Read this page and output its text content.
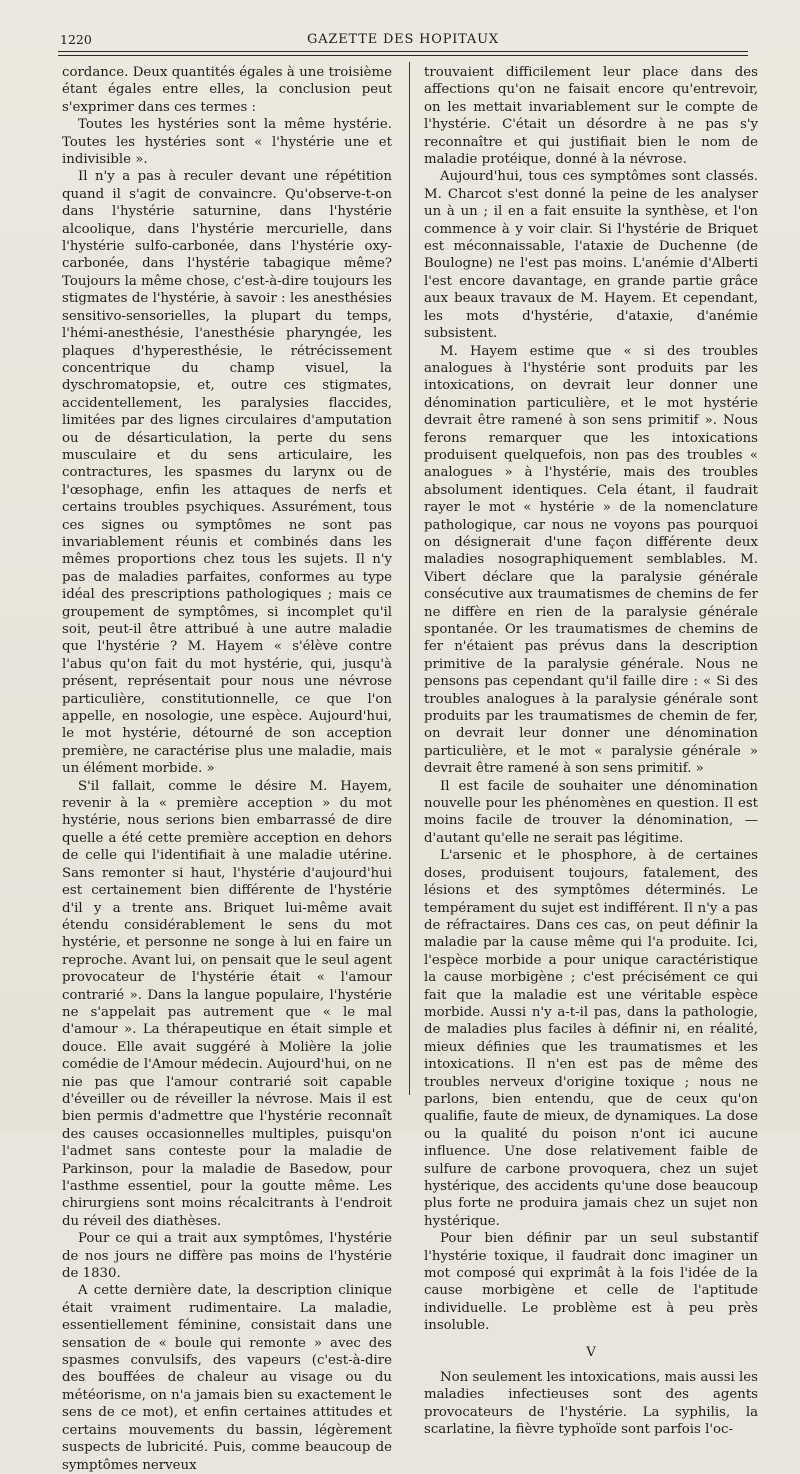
1220	GAZETTE DES HOPITAUX

cordance. Deux quantités égales à une troisième étant égales entre elles, la conclusion peut s'exprimer dans ces termes :

Toutes les hystéries sont la même hystérie. Toutes les hystéries sont « l'hystérie une et indivisible ».

Il n'y a pas à reculer devant une répétition quand il s'agit de convaincre. Qu'observe-t-on dans l'hystérie saturnine, dans l'hystérie alcoolique, dans l'hystérie mercurielle, dans l'hystérie sulfo-carbonée, dans l'hystérie oxy-carbonée, dans l'hystérie tabagique même? Toujours la même chose, c'est-à-dire toujours les stigmates de l'hystérie, à savoir : les anesthésies sensitivo-sensorielles, la plupart du temps, l'hémi-anesthésie, l'anesthésie pharyngée, les plaques d'hyperesthésie, le rétrécissement concentrique du champ visuel, la dyschromatopsie, et, outre ces stigmates, accidentellement, les paralysies flaccides, limitées par des lignes circulaires d'amputation ou de désarticulation, la perte du sens musculaire et du sens articulaire, les contractures, les spasmes du larynx ou de l'œsophage, enfin les attaques de nerfs et certains troubles psychiques. Assurément, tous ces signes ou symptômes ne sont pas invariablement réunis et combinés dans les mêmes proportions chez tous les sujets. Il n'y pas de maladies parfaites, conformes au type idéal des prescriptions pathologiques ; mais ce groupement de symptômes, si incomplet qu'il soit, peut-il être attribué à une autre maladie que l'hystérie ? M. Hayem « s'élève contre l'abus qu'on fait du mot hystérie, qui, jusqu'à présent, représentait pour nous une névrose particulière, constitutionnelle, ce que l'on appelle, en nosologie, une espèce. Aujourd'hui, le mot hystérie, détourné de son acception première, ne caractérise plus une maladie, mais un élément morbide. »

S'il fallait, comme le désire M. Hayem, revenir à la « première acception » du mot hystérie, nous serions bien embarrassé de dire quelle a été cette première acception en dehors de celle qui l'identifiait à une maladie utérine. Sans remonter si haut, l'hystérie d'aujourd'hui est certainement bien différente de l'hystérie d'il y a trente ans. Briquet lui-même avait étendu considérablement le sens du mot hystérie, et personne ne songe à lui en faire un reproche. Avant lui, on pensait que le seul agent provocateur de l'hystérie était « l'amour contrarié ». Dans la langue populaire, l'hystérie ne s'appelait pas autrement que « le mal d'amour ». La thérapeutique en était simple et douce. Elle avait suggéré à Molière la jolie comédie de l'Amour médecin. Aujourd'hui, on ne nie pas que l'amour contrarié soit capable d'éveiller ou de réveiller la névrose. Mais il est bien permis d'admettre que l'hystérie reconnaît des causes occasionnelles multiples, puisqu'on l'admet sans conteste pour la maladie de Parkinson, pour la maladie de Basedow, pour l'asthme essentiel, pour la goutte même. Les chirurgiens sont moins récalcitrants à l'endroit du réveil des diathèses.

Pour ce qui a trait aux symptômes, l'hystérie de nos jours ne diffère pas moins de l'hystérie de 1830.

A cette dernière date, la description clinique était vraiment rudimentaire. La maladie, essentiellement féminine, consistait dans une sensation de « boule qui remonte » avec des spasmes convulsifs, des vapeurs (c'est-à-dire des bouffées de chaleur au visage ou du météorisme, on n'a jamais bien su exactement le sens de ce mot), et enfin certaines attitudes et certains mouvements du bassin, légèrement suspects de lubricité. Puis, comme beaucoup de symptômes nerveux

trouvaient difficilement leur place dans des affections qu'on ne faisait encore qu'entrevoir, on les mettait invariablement sur le compte de l'hystérie. C'était un désordre à ne pas s'y reconnaître et qui justifiait bien le nom de maladie protéique, donné à la névrose.

Aujourd'hui, tous ces symptômes sont classés. M. Charcot s'est donné la peine de les analyser un à un ; il en a fait ensuite la synthèse, et l'on commence à y voir clair. Si l'hystérie de Briquet est méconnaissable, l'ataxie de Duchenne (de Boulogne) ne l'est pas moins. L'anémie d'Alberti l'est encore davantage, en grande partie grâce aux beaux travaux de M. Hayem. Et cependant, les mots d'hystérie, d'ataxie, d'anémie subsistent.

M. Hayem estime que « si des troubles analogues à l'hystérie sont produits par les intoxications, on devrait leur donner une dénomination particulière, et le mot hystérie devrait être ramené à son sens primitif ». Nous ferons remarquer que les intoxications produisent quelquefois, non pas des troubles « analogues » à l'hystérie, mais des troubles absolument identiques. Cela étant, il faudrait rayer le mot « hystérie » de la nomenclature pathologique, car nous ne voyons pas pourquoi on désignerait d'une façon différente deux maladies nosographiquement semblables. M. Vibert déclare que la paralysie générale consécutive aux traumatismes de chemins de fer ne diffère en rien de la paralysie générale spontanée. Or les traumatismes de chemins de fer n'étaient pas prévus dans la description primitive de la paralysie générale. Nous ne pensons pas cependant qu'il faille dire : « Si des troubles analogues à la paralysie générale sont produits par les traumatismes de chemin de fer, on devrait leur donner une dénomination particulière, et le mot « paralysie générale » devrait être ramené à son sens primitif. »

Il est facile de souhaiter une dénomination nouvelle pour les phénomènes en question. Il est moins facile de trouver la dénomination, — d'autant qu'elle ne serait pas légitime.

L'arsenic et le phosphore, à de certaines doses, produisent toujours, fatalement, des lésions et des symptômes déterminés. Le tempérament du sujet est indifférent. Il n'y a pas de réfractaires. Dans ces cas, on peut définir la maladie par la cause même qui l'a produite. Ici, l'espèce morbide a pour unique caractéristique la cause morbigène ; c'est précisément ce qui fait que la maladie est une véritable espèce morbide. Aussi n'y a-t-il pas, dans la pathologie, de maladies plus faciles à définir ni, en réalité, mieux définies que les traumatismes et les intoxications. Il n'en est pas de même des troubles nerveux d'origine toxique ; nous ne parlons, bien entendu, que de ceux qu'on qualifie, faute de mieux, de dynamiques. La dose ou la qualité du poison n'ont ici aucune influence. Une dose relativement faible de sulfure de carbone provoquera, chez un sujet hystérique, des accidents qu'une dose beaucoup plus forte ne produira jamais chez un sujet non hystérique.

Pour bien définir par un seul substantif l'hystérie toxique, il faudrait donc imaginer un mot composé qui exprimât à la fois l'idée de la cause morbigène et celle de l'aptitude individuelle. Le problème est à peu près insoluble.

V

Non seulement les intoxications, mais aussi les maladies infectieuses sont des agents provocateurs de l'hystérie. La syphilis, la scarlatine, la fièvre typhoïde sont parfois l'oc-
